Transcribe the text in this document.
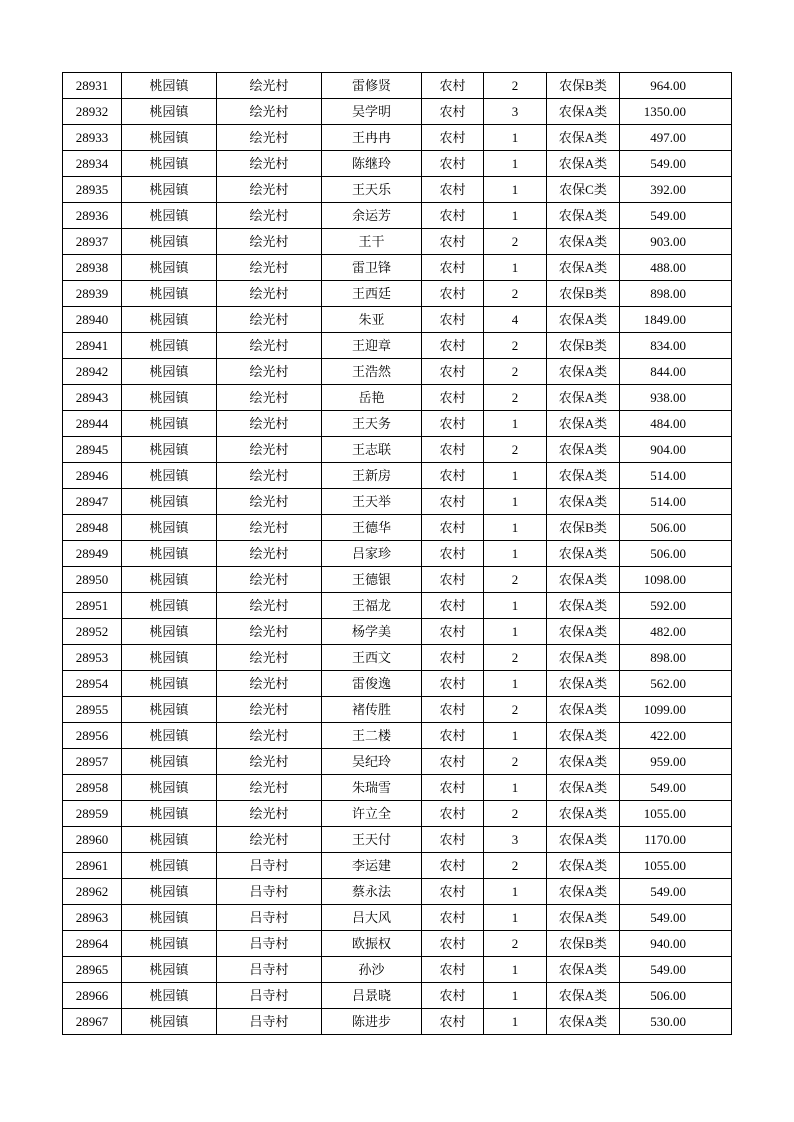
28931	桃园镇	绘光村	雷修贤	农村	2	农保B类	964.00
28932	桃园镇	绘光村	吴学明	农村	3	农保A类	1350.00
28933	桃园镇	绘光村	王冉冉	农村	1	农保A类	497.00
28934	桃园镇	绘光村	陈继玲	农村	1	农保A类	549.00
28935	桃园镇	绘光村	王天乐	农村	1	农保C类	392.00
28936	桃园镇	绘光村	余运芳	农村	1	农保A类	549.00
28937	桃园镇	绘光村	王干	农村	2	农保A类	903.00
28938	桃园镇	绘光村	雷卫锋	农村	1	农保A类	488.00
28939	桃园镇	绘光村	王西廷	农村	2	农保B类	898.00
28940	桃园镇	绘光村	朱亚	农村	4	农保A类	1849.00
28941	桃园镇	绘光村	王迎章	农村	2	农保B类	834.00
28942	桃园镇	绘光村	王浩然	农村	2	农保A类	844.00
28943	桃园镇	绘光村	岳艳	农村	2	农保A类	938.00
28944	桃园镇	绘光村	王天务	农村	1	农保A类	484.00
28945	桃园镇	绘光村	王志联	农村	2	农保A类	904.00
28946	桃园镇	绘光村	王新房	农村	1	农保A类	514.00
28947	桃园镇	绘光村	王天举	农村	1	农保A类	514.00
28948	桃园镇	绘光村	王德华	农村	1	农保B类	506.00
28949	桃园镇	绘光村	吕家珍	农村	1	农保A类	506.00
28950	桃园镇	绘光村	王德银	农村	2	农保A类	1098.00
28951	桃园镇	绘光村	王福龙	农村	1	农保A类	592.00
28952	桃园镇	绘光村	杨学美	农村	1	农保A类	482.00
28953	桃园镇	绘光村	王西文	农村	2	农保A类	898.00
28954	桃园镇	绘光村	雷俊逸	农村	1	农保A类	562.00
28955	桃园镇	绘光村	褚传胜	农村	2	农保A类	1099.00
28956	桃园镇	绘光村	王二楼	农村	1	农保A类	422.00
28957	桃园镇	绘光村	吴纪玲	农村	2	农保A类	959.00
28958	桃园镇	绘光村	朱瑞雪	农村	1	农保A类	549.00
28959	桃园镇	绘光村	许立全	农村	2	农保A类	1055.00
28960	桃园镇	绘光村	王天付	农村	3	农保A类	1170.00
28961	桃园镇	吕寺村	李运建	农村	2	农保A类	1055.00
28962	桃园镇	吕寺村	蔡永法	农村	1	农保A类	549.00
28963	桃园镇	吕寺村	吕大风	农村	1	农保A类	549.00
28964	桃园镇	吕寺村	欧振权	农村	2	农保B类	940.00
28965	桃园镇	吕寺村	孙沙	农村	1	农保A类	549.00
28966	桃园镇	吕寺村	吕景晓	农村	1	农保A类	506.00
28967	桃园镇	吕寺村	陈进步	农村	1	农保A类	530.00
